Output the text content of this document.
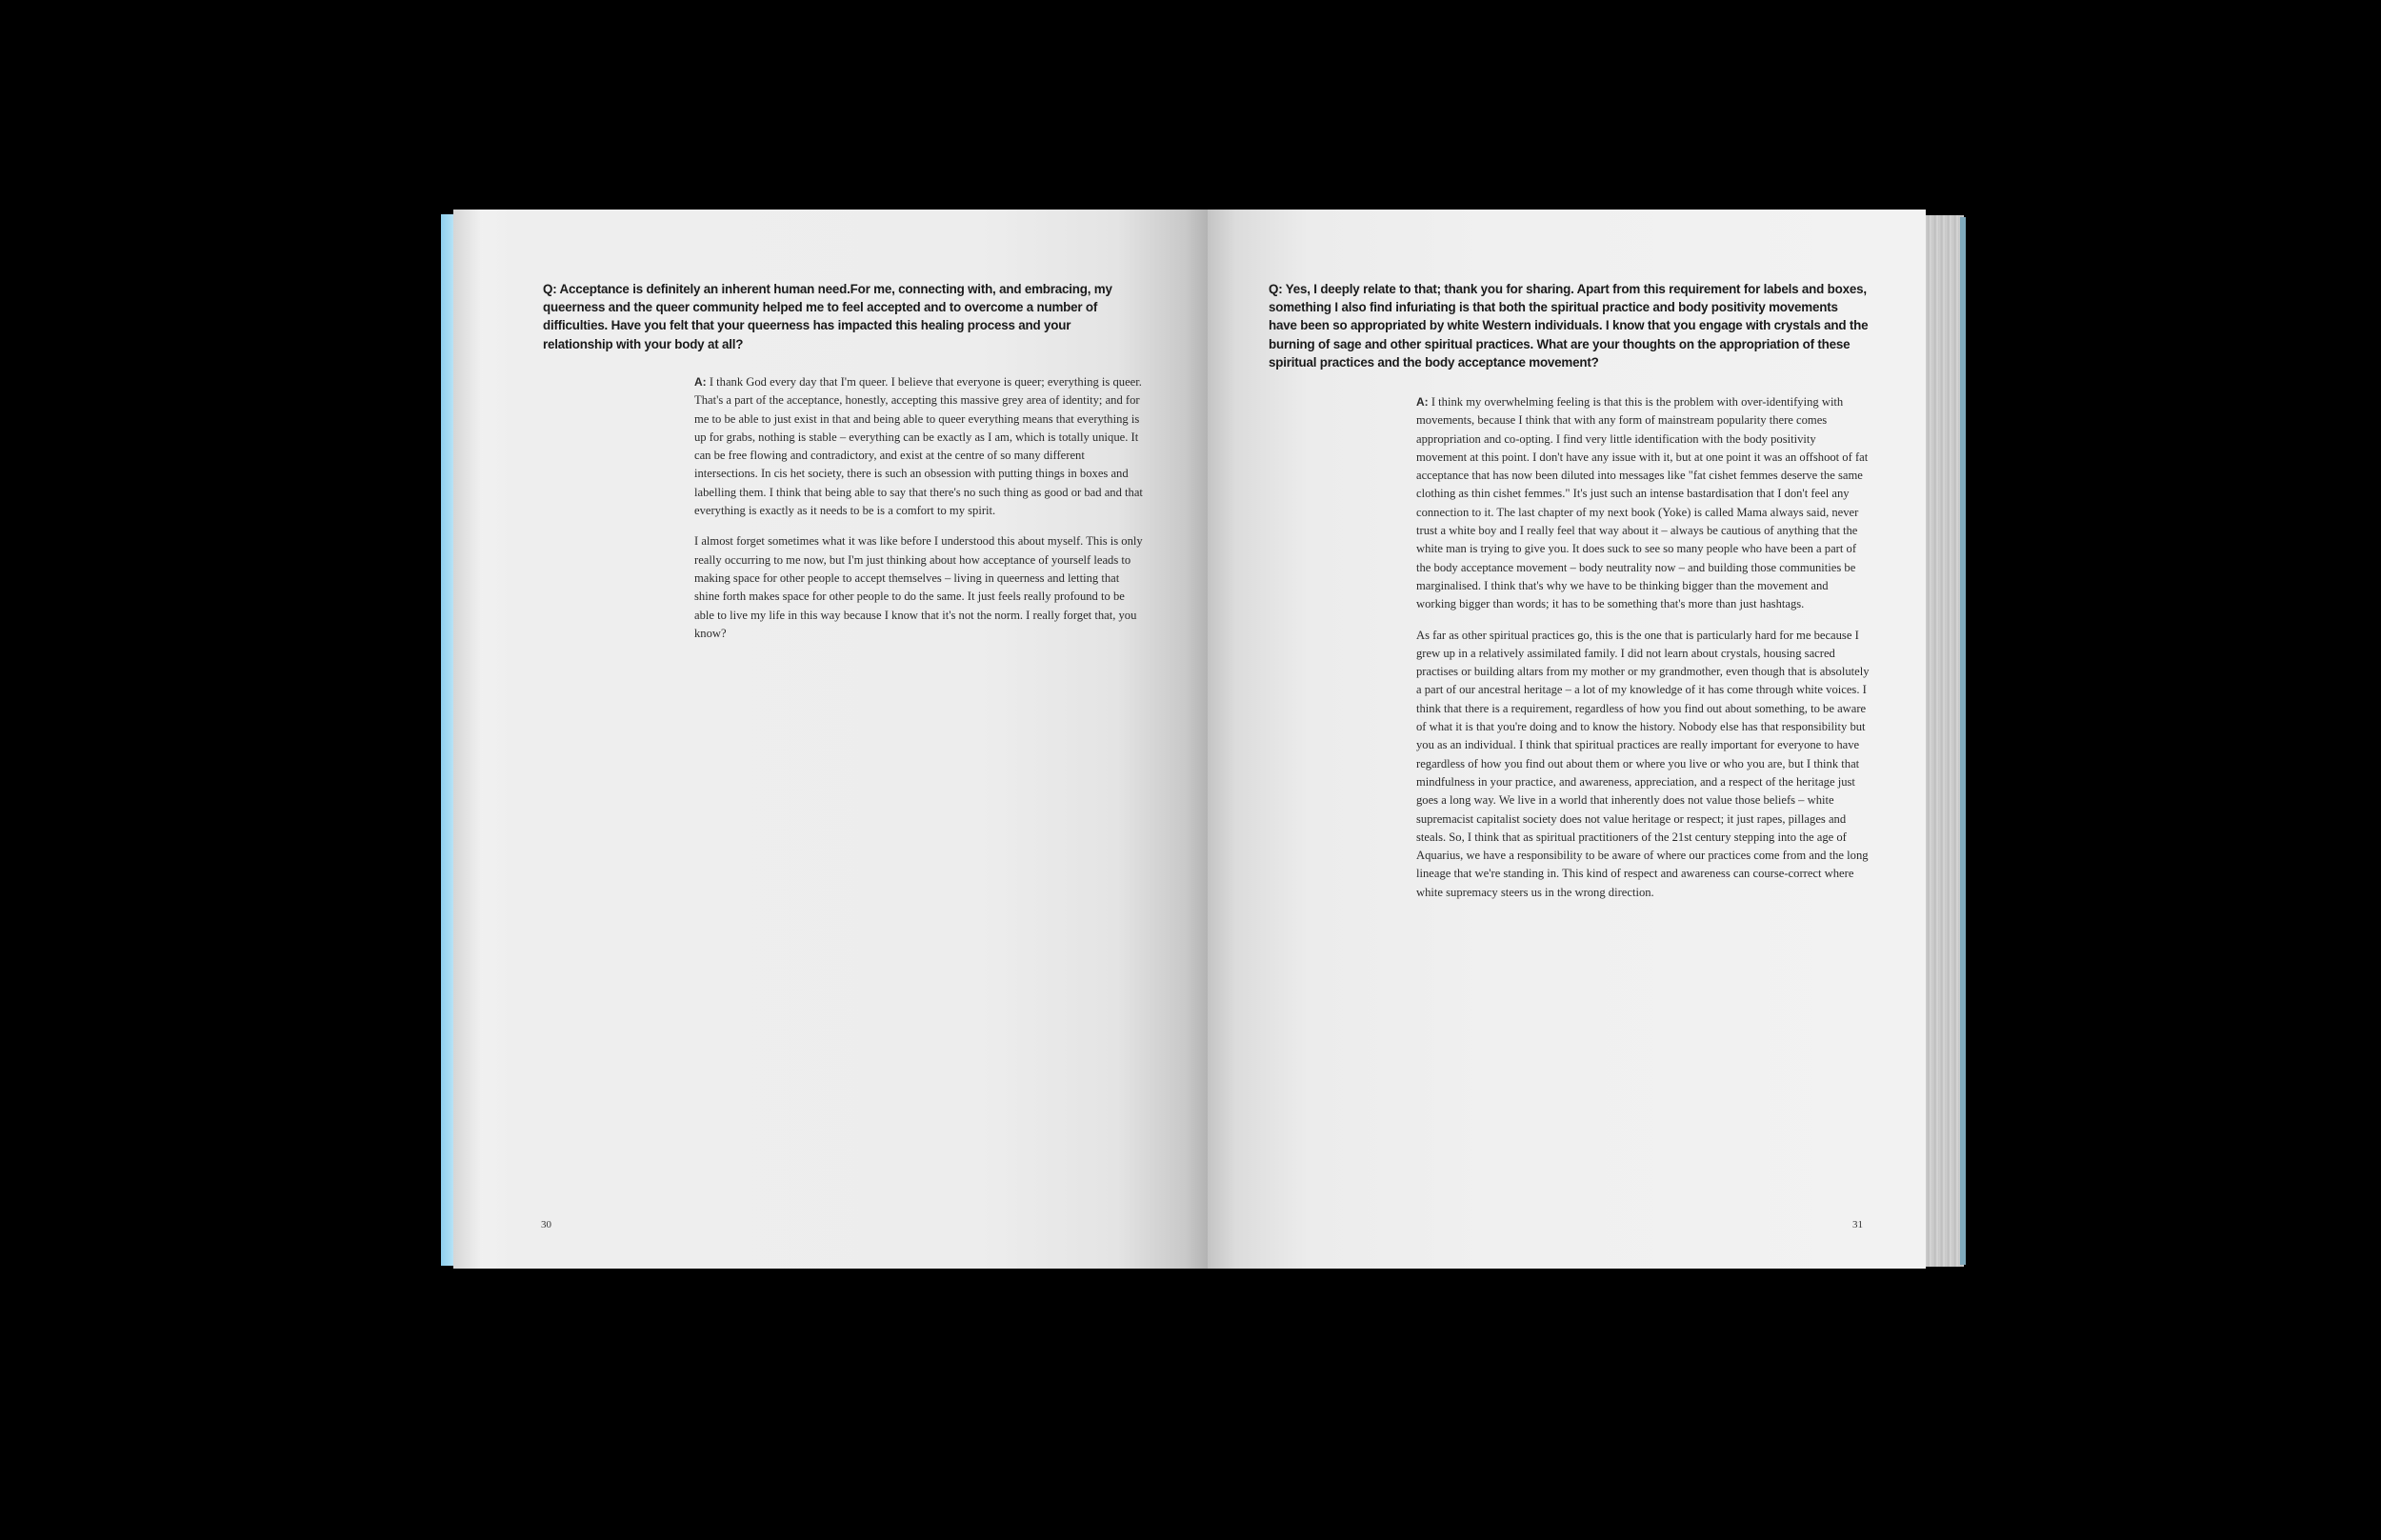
Q: Acceptance is definitely an inherent human need.For me, connecting with, and embracing, my queerness and the queer community helped me to feel accepted and to overcome a number of difficulties. Have you felt that your queerness has impacted this healing process and your relationship with your body at all?

A: I thank God every day that I'm queer. I believe that everyone is queer; everything is queer. That's a part of the acceptance, honestly, accepting this massive grey area of identity; and for me to be able to just exist in that and being able to queer everything means that everything is up for grabs, nothing is stable – everything can be exactly as I am, which is totally unique. It can be free flowing and contradictory, and exist at the centre of so many different intersections. In cis het society, there is such an obsession with putting things in boxes and labelling them. I think that being able to say that there's no such thing as good or bad and that everything is exactly as it needs to be is a comfort to my spirit.

I almost forget sometimes what it was like before I understood this about myself. This is only really occurring to me now, but I'm just thinking about how acceptance of yourself leads to making space for other people to accept themselves – living in queerness and letting that shine forth makes space for other people to do the same. It just feels really profound to be able to live my life in this way because I know that it's not the norm. I really forget that, you know?

30
Q: Yes, I deeply relate to that; thank you for sharing. Apart from this requirement for labels and boxes, something I also find infuriating is that both the spiritual practice and body positivity movements have been so appropriated by white Western individuals. I know that you engage with crystals and the burning of sage and other spiritual practices. What are your thoughts on the appropriation of these spiritual practices and the body acceptance movement?

A: I think my overwhelming feeling is that this is the problem with over-identifying with movements, because I think that with any form of mainstream popularity there comes appropriation and co-opting. I find very little identification with the body positivity movement at this point. I don't have any issue with it, but at one point it was an offshoot of fat acceptance that has now been diluted into messages like "fat cishet femmes deserve the same clothing as thin cishet femmes." It's just such an intense bastardisation that I don't feel any connection to it. The last chapter of my next book (Yoke) is called Mama always said, never trust a white boy and I really feel that way about it – always be cautious of anything that the white man is trying to give you. It does suck to see so many people who have been a part of the body acceptance movement – body neutrality now – and building those communities be marginalised. I think that's why we have to be thinking bigger than the movement and working bigger than words; it has to be something that's more than just hashtags.

As far as other spiritual practices go, this is the one that is particularly hard for me because I grew up in a relatively assimilated family. I did not learn about crystals, housing sacred practises or building altars from my mother or my grandmother, even though that is absolutely a part of our ancestral heritage – a lot of my knowledge of it has come through white voices. I think that there is a requirement, regardless of how you find out about something, to be aware of what it is that you're doing and to know the history. Nobody else has that responsibility but you as an individual. I think that spiritual practices are really important for everyone to have regardless of how you find out about them or where you live or who you are, but I think that mindfulness in your practice, and awareness, appreciation, and a respect of the heritage just goes a long way. We live in a world that inherently does not value those beliefs – white supremacist capitalist society does not value heritage or respect; it just rapes, pillages and steals. So, I think that as spiritual practitioners of the 21st century stepping into the age of Aquarius, we have a responsibility to be aware of where our practices come from and the long lineage that we're standing in. This kind of respect and awareness can course-correct where white supremacy steers us in the wrong direction.

31
